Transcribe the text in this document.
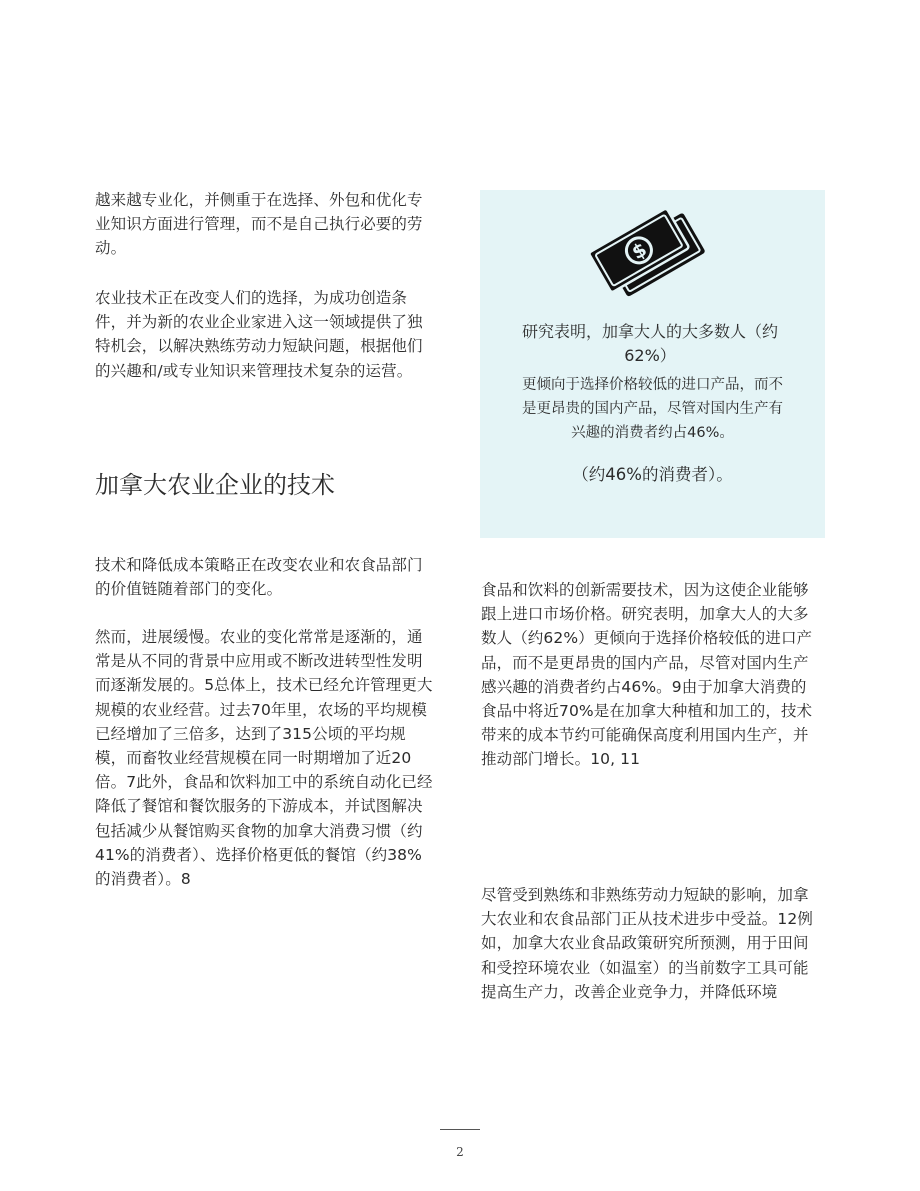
越来越专业化，并侧重于在选择、外包和优化专业知识方面进行管理，而不是自己执行必要的劳动。

农业技术正在改变人们的选择，为成功创造条件，并为新的农业企业家进入这一领域提供了独特机会，以解决熟练劳动力短缺问题，根据他们的兴趣和/或专业知识来管理技术复杂的运营。

加拿大农业企业的技术

技术和降低成本策略正在改变农业和农食品部门的价值链随着部门的变化。

然而，进展缓慢。农业的变化常常是逐渐的，通常是从不同的背景中应用或不断改进转型性发明而逐渐发展的。5总体上，技术已经允许管理更大规模的农业经营。过去70年里，农场的平均规模已经增加了三倍多，达到了315公顷的平均规模，而畜牧业经营规模在同一时期增加了近20倍。7此外，食品和饮料加工中的系统自动化已经降低了餐馆和餐饮服务的下游成本，并试图解决包括减少从餐馆购买食物的加拿大消费习惯（约41%的消费者）、选择价格更低的餐馆（约38%的消费者）。8

$

研究表明，加拿大人的大多数人（约62%）

更倾向于选择价格较低的进口产品，而不是更昂贵的国内产品，尽管对国内生产有兴趣的消费者约占46%。

（约46%的消费者）。

食品和饮料的创新需要技术，因为这使企业能够跟上进口市场价格。研究表明，加拿大人的大多数人（约62%）更倾向于选择价格较低的进口产品，而不是更昂贵的国内产品，尽管对国内生产感兴趣的消费者约占46%。9由于加拿大消费的食品中将近70%是在加拿大种植和加工的，技术带来的成本节约可能确保高度利用国内生产，并推动部门增长。10, 11

尽管受到熟练和非熟练劳动力短缺的影响，加拿大农业和农食品部门正从技术进步中受益。12例如，加拿大农业食品政策研究所预测，用于田间和受控环境农业（如温室）的当前数字工具可能提高生产力，改善企业竞争力，并降低环境

2
